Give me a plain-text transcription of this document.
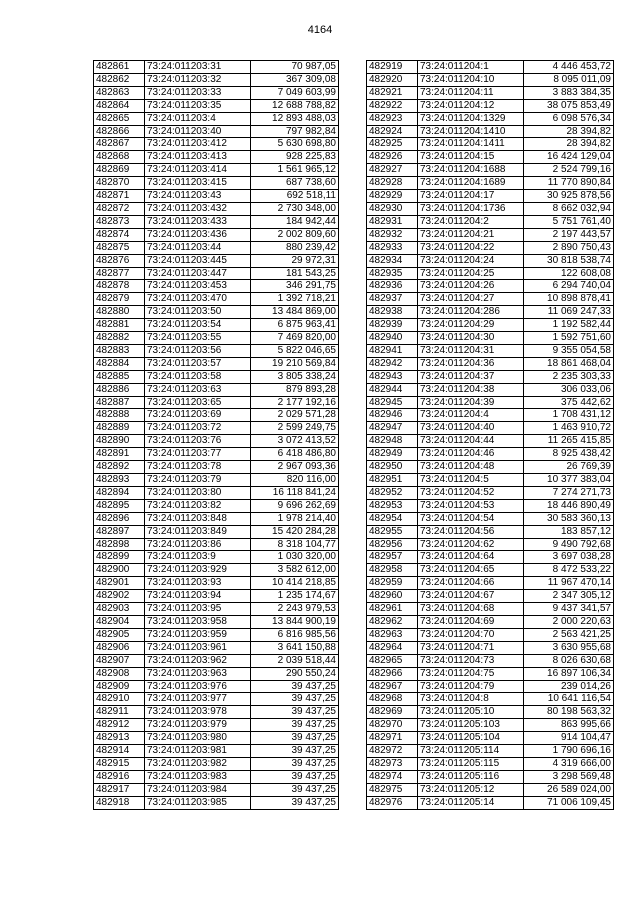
4164
482861	73:24:011203:31	70 987,05
482862	73:24:011203:32	367 309,08
482863	73:24:011203:33	7 049 603,99
482864	73:24:011203:35	12 688 788,82
482865	73:24:011203:4	12 893 488,03
482866	73:24:011203:40	797 982,84
482867	73:24:011203:412	5 630 698,80
482868	73:24:011203:413	928 225,83
482869	73:24:011203:414	1 561 965,12
482870	73:24:011203:415	687 738,60
482871	73:24:011203:43	692 518,11
482872	73:24:011203:432	2 730 348,00
482873	73:24:011203:433	184 942,44
482874	73:24:011203:436	2 002 809,60
482875	73:24:011203:44	880 239,42
482876	73:24:011203:445	29 972,31
482877	73:24:011203:447	181 543,25
482878	73:24:011203:453	346 291,75
482879	73:24:011203:470	1 392 718,21
482880	73:24:011203:50	13 484 869,00
482881	73:24:011203:54	6 875 963,41
482882	73:24:011203:55	7 469 820,00
482883	73:24:011203:56	5 822 046,65
482884	73:24:011203:57	19 210 569,84
482885	73:24:011203:58	3 805 338,24
482886	73:24:011203:63	879 893,28
482887	73:24:011203:65	2 177 192,16
482888	73:24:011203:69	2 029 571,28
482889	73:24:011203:72	2 599 249,75
482890	73:24:011203:76	3 072 413,52
482891	73:24:011203:77	6 418 486,80
482892	73:24:011203:78	2 967 093,36
482893	73:24:011203:79	820 116,00
482894	73:24:011203:80	16 118 841,24
482895	73:24:011203:82	9 696 262,69
482896	73:24:011203:848	1 978 214,40
482897	73:24:011203:849	15 420 284,28
482898	73:24:011203:86	8 318 104,77
482899	73:24:011203:9	1 030 320,00
482900	73:24:011203:929	3 582 612,00
482901	73:24:011203:93	10 414 218,85
482902	73:24:011203:94	1 235 174,67
482903	73:24:011203:95	2 243 979,53
482904	73:24:011203:958	13 844 900,19
482905	73:24:011203:959	6 816 985,56
482906	73:24:011203:961	3 641 150,88
482907	73:24:011203:962	2 039 518,44
482908	73:24:011203:963	290 550,24
482909	73:24:011203:976	39 437,25
482910	73:24:011203:977	39 437,25
482911	73:24:011203:978	39 437,25
482912	73:24:011203:979	39 437,25
482913	73:24:011203:980	39 437,25
482914	73:24:011203:981	39 437,25
482915	73:24:011203:982	39 437,25
482916	73:24:011203:983	39 437,25
482917	73:24:011203:984	39 437,25
482918	73:24:011203:985	39 437,25
482919	73:24:011204:1	4 446 453,72
482920	73:24:011204:10	8 095 011,09
482921	73:24:011204:11	3 883 384,35
482922	73:24:011204:12	38 075 853,49
482923	73:24:011204:1329	6 098 576,34
482924	73:24:011204:1410	28 394,82
482925	73:24:011204:1411	28 394,82
482926	73:24:011204:15	16 424 129,04
482927	73:24:011204:1688	2 524 799,16
482928	73:24:011204:1689	11 770 890,84
482929	73:24:011204:17	30 925 878,56
482930	73:24:011204:1736	8 662 032,94
482931	73:24:011204:2	5 751 761,40
482932	73:24:011204:21	2 197 443,57
482933	73:24:011204:22	2 890 750,43
482934	73:24:011204:24	30 818 538,74
482935	73:24:011204:25	122 608,08
482936	73:24:011204:26	6 294 740,04
482937	73:24:011204:27	10 898 878,41
482938	73:24:011204:286	11 069 247,33
482939	73:24:011204:29	1 192 582,44
482940	73:24:011204:30	1 592 751,60
482941	73:24:011204:31	9 355 054,58
482942	73:24:011204:36	18 861 468,04
482943	73:24:011204:37	2 235 303,33
482944	73:24:011204:38	306 033,06
482945	73:24:011204:39	375 442,62
482946	73:24:011204:4	1 708 431,12
482947	73:24:011204:40	1 463 910,72
482948	73:24:011204:44	11 265 415,85
482949	73:24:011204:46	8 925 438,42
482950	73:24:011204:48	26 769,39
482951	73:24:011204:5	10 377 383,04
482952	73:24:011204:52	7 274 271,73
482953	73:24:011204:53	18 446 890,49
482954	73:24:011204:54	30 583 360,13
482955	73:24:011204:56	183 857,12
482956	73:24:011204:62	9 490 792,68
482957	73:24:011204:64	3 697 038,28
482958	73:24:011204:65	8 472 533,22
482959	73:24:011204:66	11 967 470,14
482960	73:24:011204:67	2 347 305,12
482961	73:24:011204:68	9 437 341,57
482962	73:24:011204:69	2 000 220,63
482963	73:24:011204:70	2 563 421,25
482964	73:24:011204:71	3 630 955,68
482965	73:24:011204:73	8 026 630,68
482966	73:24:011204:75	16 897 106,34
482967	73:24:011204:79	239 014,26
482968	73:24:011204:8	10 641 116,54
482969	73:24:011205:10	80 198 563,32
482970	73:24:011205:103	863 995,66
482971	73:24:011205:104	914 104,47
482972	73:24:011205:114	1 790 696,16
482973	73:24:011205:115	4 319 666,00
482974	73:24:011205:116	3 298 569,48
482975	73:24:011205:12	26 589 024,00
482976	73:24:011205:14	71 006 109,45
